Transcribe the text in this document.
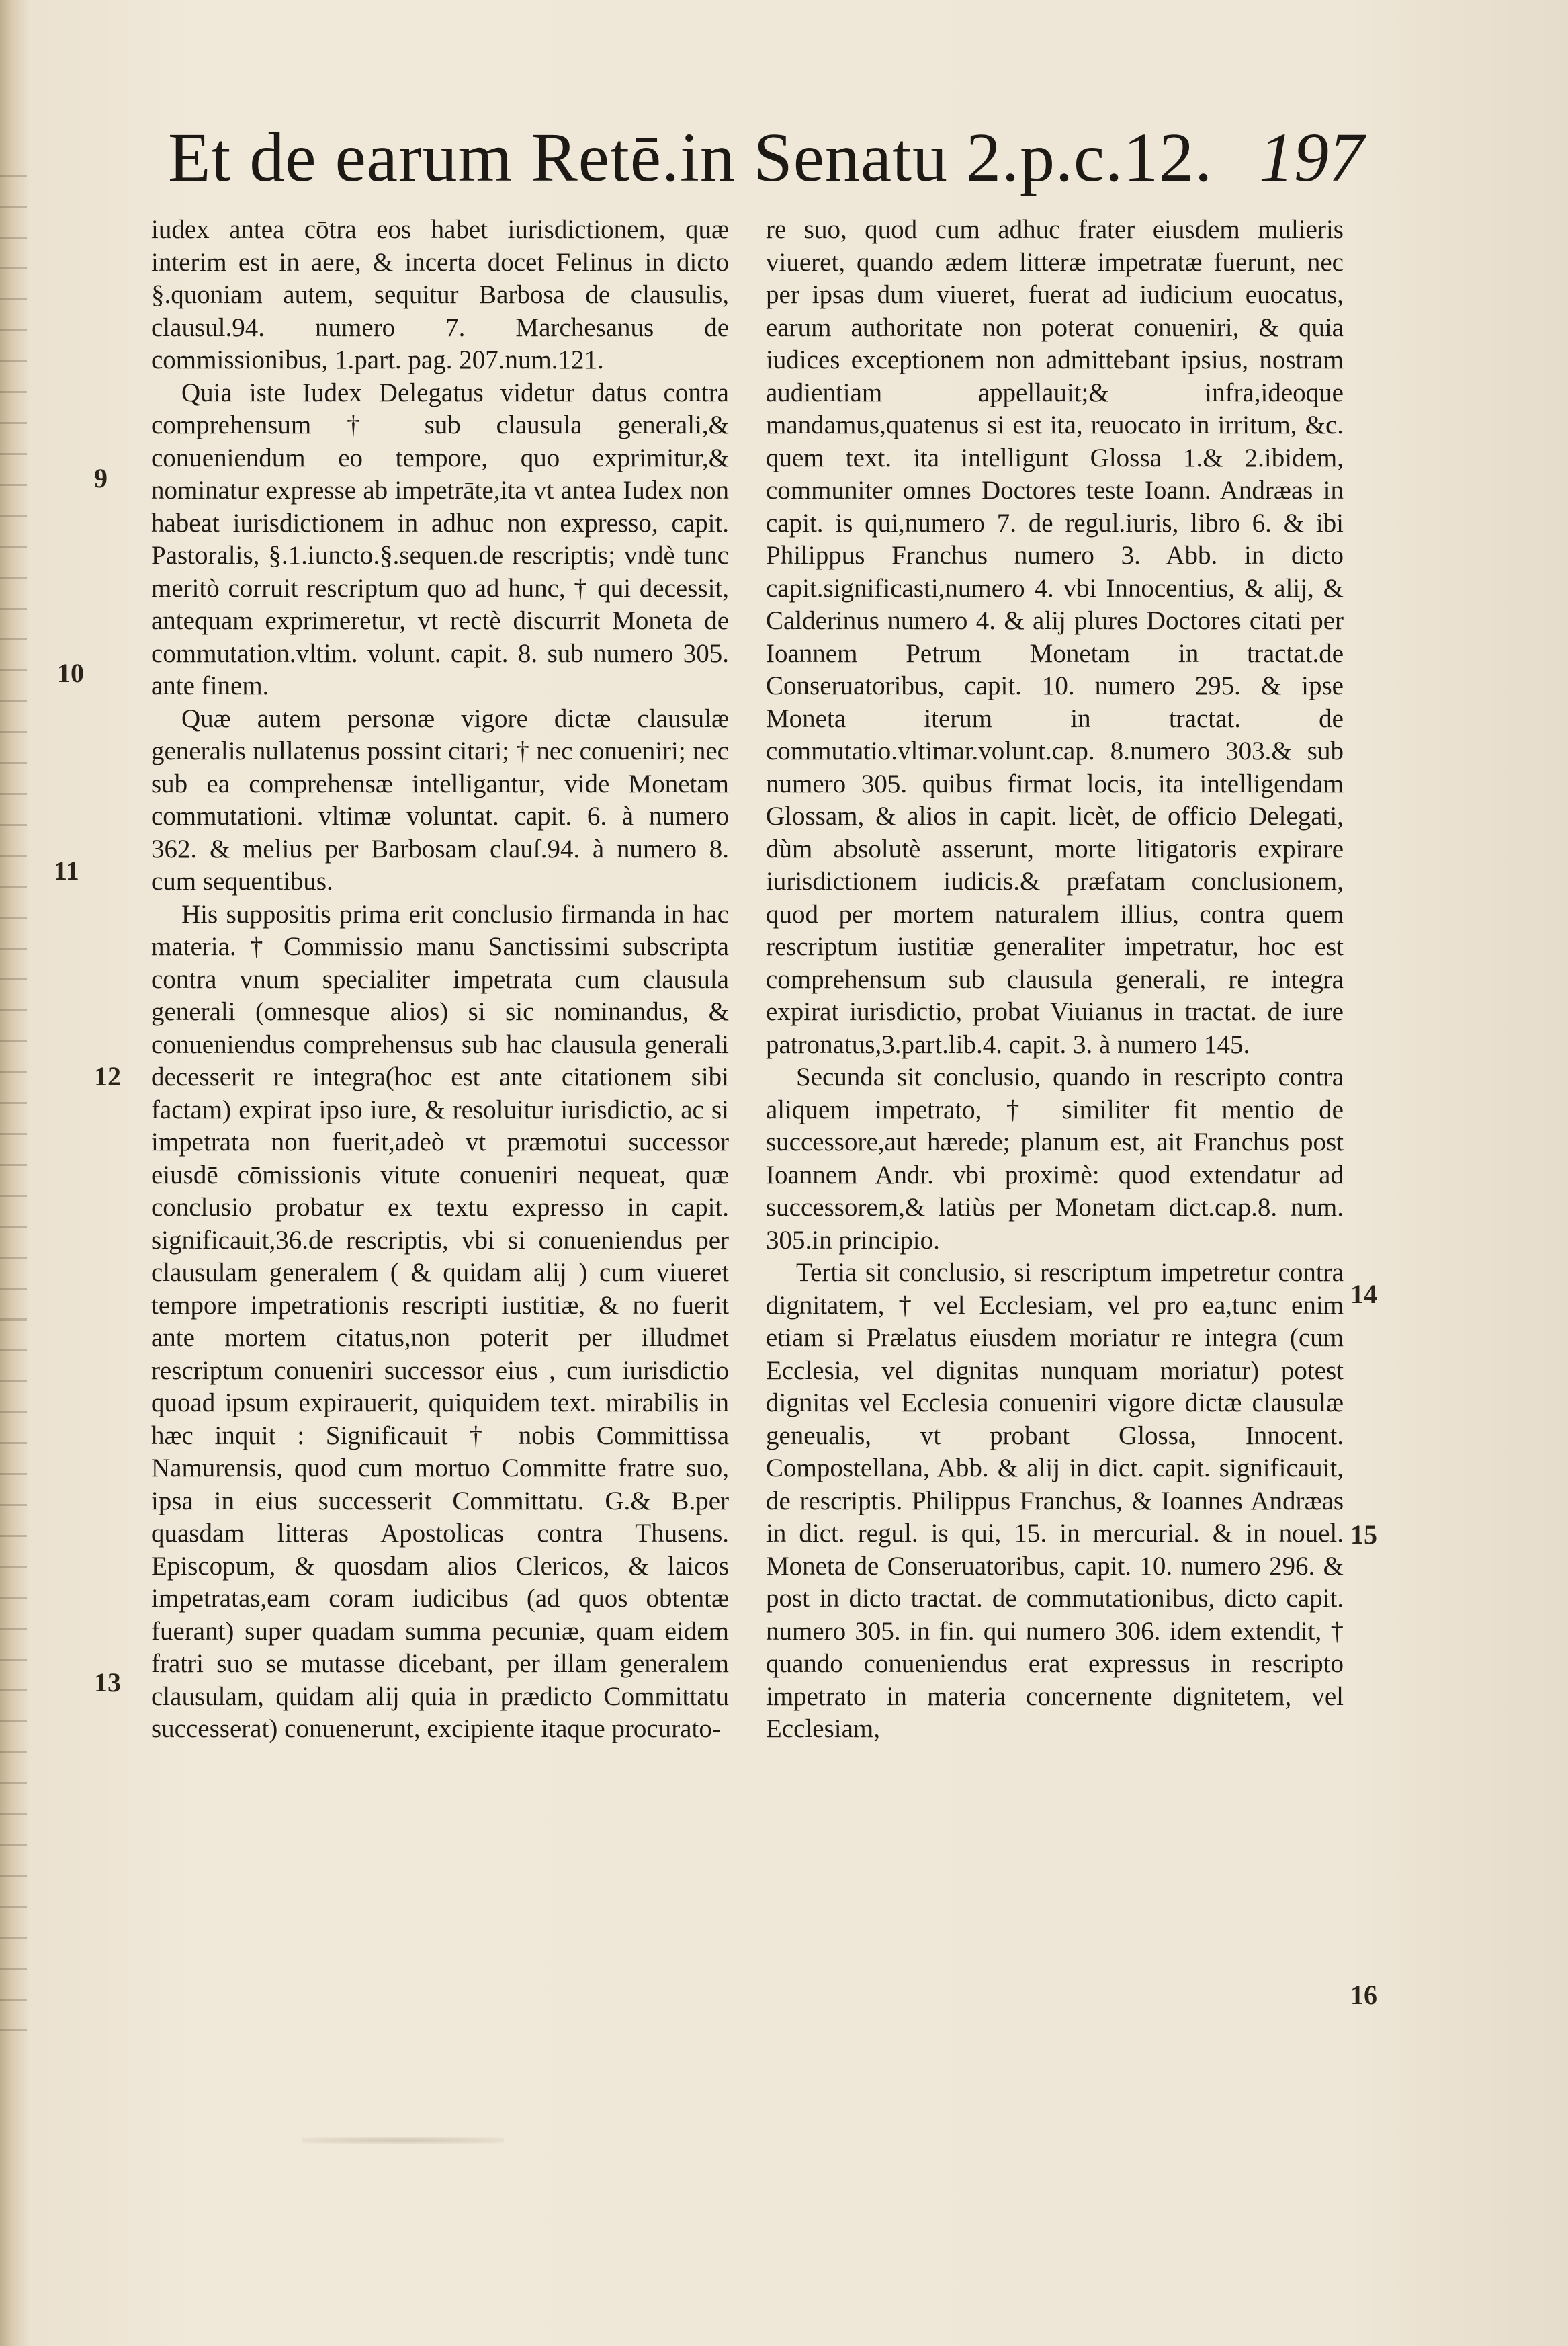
Et de earum Retē.in Senatu 2.p.c.12. 197

iudex antea cōtra eos habet iurisdictionem, quæ interim est in aere, & incerta docet Felinus in dicto §.quoniam autem, sequitur Barbosa de clausulis, clausul.94. numero 7. Marchesanus de commissionibus, 1.part. pag. 207.num.121.

Quia iste Iudex Delegatus videtur datus contra comprehensum † sub clausula generali,& conueniendum eo tempore, quo exprimitur,& nominatur expresse ab impetrāte,ita vt antea Iudex non habeat iurisdictionem in adhuc non expresso, capit. Pastoralis, §.1.iuncto.§.sequen.de rescriptis; vndè tunc meritò corruit rescriptum quo ad hunc, † qui decessit, antequam exprimeretur, vt rectè discurrit Moneta de commutation.vltim. volunt. capit. 8. sub numero 305. ante finem.

Quæ autem personæ vigore dictæ clausulæ generalis nullatenus possint citari; † nec conueniri; nec sub ea comprehensæ intelligantur, vide Monetam commutationi. vltimæ voluntat. capit. 6. à numero 362. & melius per Barbosam clauſ.94. à numero 8. cum sequentibus.

His suppositis prima erit conclusio firmanda in hac materia. † Commissio manu Sanctissimi subscripta contra vnum specialiter impetrata cum clausula generali (omnesque alios) si sic nominandus, & conueniendus comprehensus sub hac clausula generali decesserit re integra(hoc est ante citationem sibi factam) expirat ipso iure, & resoluitur iurisdictio, ac si impetrata non fuerit,adeò vt præmotui successor eiusdē cōmissionis vitute conueniri nequeat, quæ conclusio probatur ex textu expresso in capit. significauit,36.de rescriptis, vbi si conueniendus per clausulam generalem ( & quidam alij ) cum viueret tempore impetrationis rescripti iustitiæ, & no fuerit ante mortem citatus,non poterit per illudmet rescriptum conueniri successor eius , cum iurisdictio quoad ipsum expirauerit, quiquidem text. mirabilis in hæc inquit : Significauit † nobis Committissa Namurensis, quod cum mortuo Committe fratre suo, ipsa in eius successerit Committatu. G.& B.per quasdam litteras Apostolicas contra Thusens. Episcopum, & quosdam alios Clericos, & laicos impetratas,eam coram iudicibus (ad quos obtentæ fuerant) super quadam summa pecuniæ, quam eidem fratri suo se mutasse dicebant, per illam generalem clausulam, quidam alij quia in prædicto Committatu successerat) conuenerunt, excipiente itaque procurato-

re suo, quod cum adhuc frater eiusdem mulieris viueret, quando ædem litteræ impetratæ fuerunt, nec per ipsas dum viueret, fuerat ad iudicium euocatus, earum authoritate non poterat conueniri, & quia iudices exceptionem non admittebant ipsius, nostram audientiam appellauit;& infra,ideoque mandamus,quatenus si est ita, reuocato in irritum, &c. quem text. ita intelligunt Glossa 1.& 2.ibidem, communiter omnes Doctores teste Ioann. Andræas in capit. is qui,numero 7. de regul.iuris, libro 6. & ibi Philippus Franchus numero 3. Abb. in dicto capit.significasti,numero 4. vbi Innocentius, & alij, & Calderinus numero 4. & alij plures Doctores citati per Ioannem Petrum Monetam in tractat.de Conseruatoribus, capit. 10. numero 295. & ipse Moneta iterum in tractat. de commutatio.vltimar.volunt.cap. 8.numero 303.& sub numero 305. quibus firmat locis, ita intelligendam Glossam, & alios in capit. licèt, de officio Delegati, dùm absolutè asserunt, morte litigatoris expirare iurisdictionem iudicis.& præfatam conclusionem, quod per mortem naturalem illius, contra quem rescriptum iustitiæ generaliter impetratur, hoc est comprehensum sub clausula generali, re integra expirat iurisdictio, probat Viuianus in tractat. de iure patronatus,3.part.lib.4. capit. 3. à numero 145.

Secunda sit conclusio, quando in rescripto contra aliquem impetrato, † similiter fit mentio de successore,aut hærede; planum est, ait Franchus post Ioannem Andr. vbi proximè: quod extendatur ad successorem,& latiùs per Monetam dict.cap.8. num. 305.in principio.

Tertia sit conclusio, si rescriptum impetretur contra dignitatem, † vel Ecclesiam, vel pro ea,tunc enim etiam si Prælatus eiusdem moriatur re integra (cum Ecclesia, vel dignitas nunquam moriatur) potest dignitas vel Ecclesia conueniri vigore dictæ clausulæ geneualis, vt probant Glossa, Innocent. Compostellana, Abb. & alij in dict. capit. significauit, de rescriptis. Philippus Franchus, & Ioannes Andræas in dict. regul. is qui, 15. in mercurial. & in nouel. Moneta de Conseruatoribus, capit. 10. numero 296. & post in dicto tractat. de commutationibus, dicto capit. numero 305. in fin. qui numero 306. idem extendit, † quando conueniendus erat expressus in rescripto impetrato in materia concernente dignitetem, vel Ecclesiam,

9
10
11
12
13
14
15
16
